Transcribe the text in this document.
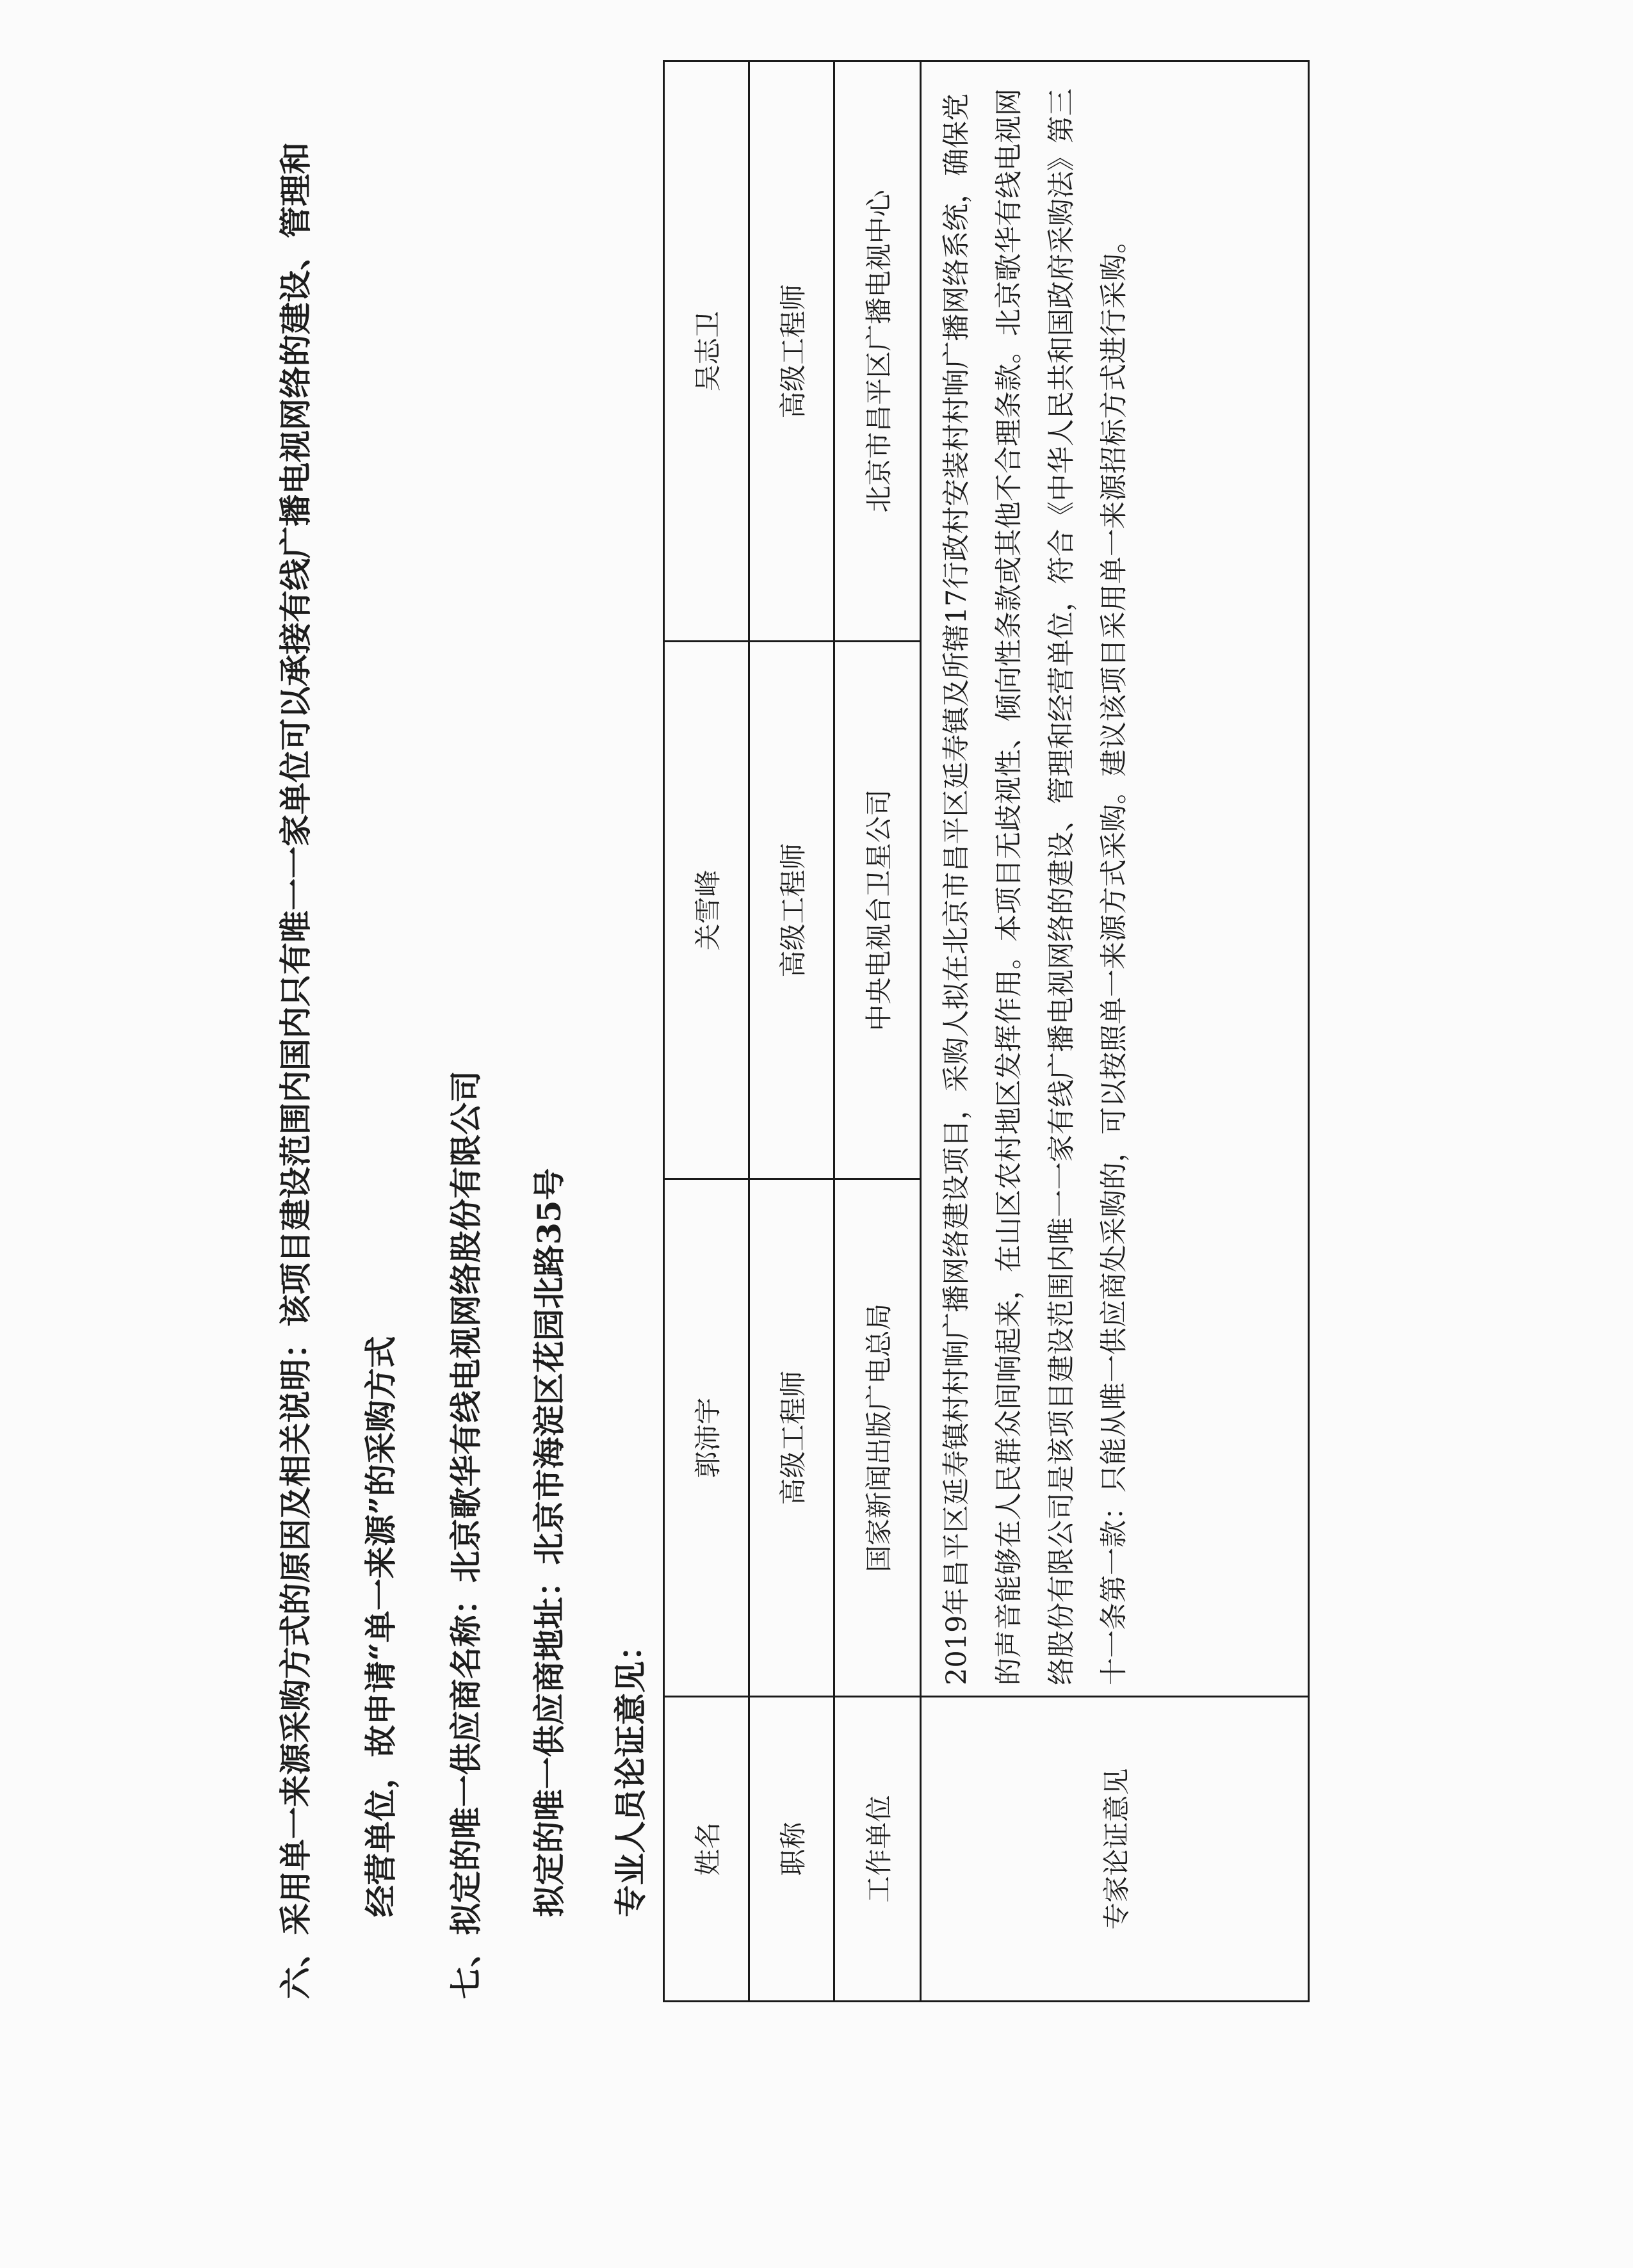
六、采用单一来源采购方式的原因及相关说明：该项目建设范围内国内只有唯一一家单位可以承接有线广播电视网络的建设、管理和 经营单位，故申请“单一来源”的采购方式 七、拟定的唯一供应商名称：北京歌华有线电视网络股份有限公司 拟定的唯一供应商地址：北京市海淀区花园北路35号 专业人员论证意见： 姓名	郭沛宇	关雪峰	吴志卫
职称	高级工程师	高级工程师	高级工程师
工作单位	国家新闻出版广电总局	中央电视台卫星公司	北京市昌平区广播电视中心
专家论证意见	2019年昌平区延寿镇村村响广播网络建设项目，采购人拟在北京市昌平区延寿镇及所辖17行政村安装村村响广播网络系统，确保党的声音能够在人民群众间响起来，在山区农村地区发挥作用。本项目无歧视性、倾向性条款或其他不合理条款。北京歌华有线电视网络股份有限公司是该项目建设范围内唯一一家有线广播电视网络的建设、管理和经营单位，符合《中华人民共和国政府采购法》第三十一条第一款：只能从唯一供应商处采购的，可以按照单一来源方式采购。建议该项目采用单一来源招标方式进行采购。		
